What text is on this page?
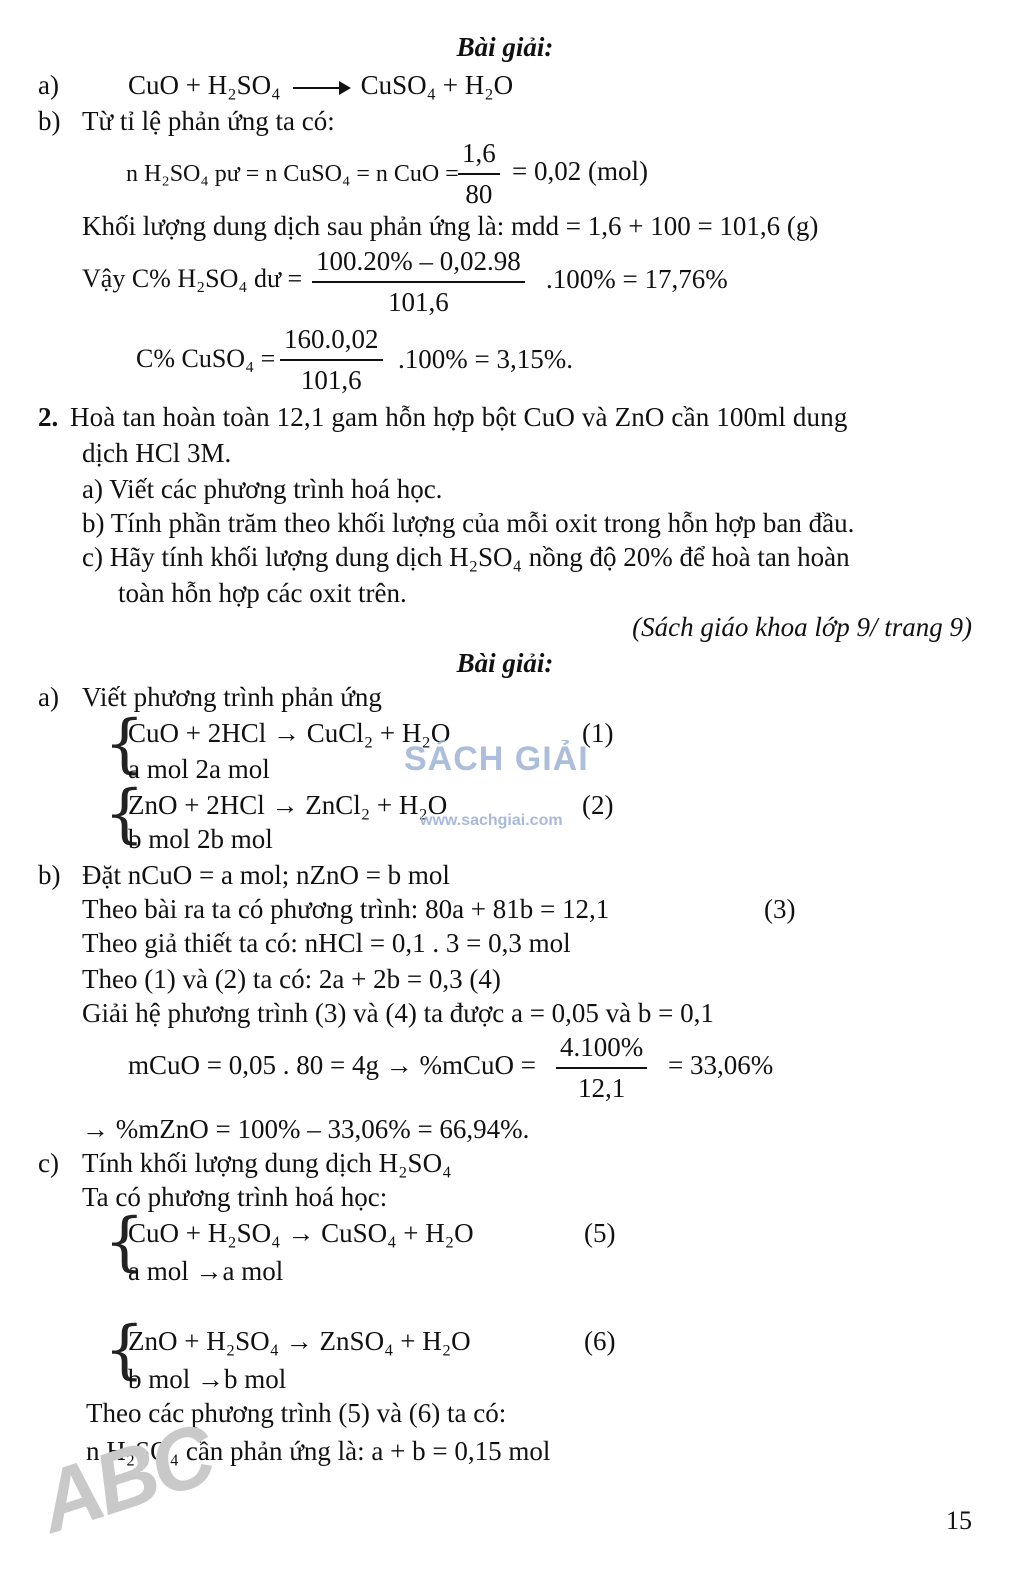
Bài giải:
a)	CuO + H₂SO₄	CuSO₄ + H₂O
b) Từ tỉ lệ phản ứng ta có:
n H₂SO₄ pư = n CuSO₄ = n CuO = $\frac{1,6}{80} = 0,02$ (mol)
Khối lượng dung dịch sau phản ứng là: mdd = 1,6 + 100 = 101,6 (g)
Vậy C% H₂SO₄ dư = $\frac{100.20\% - 0,02.98}{101,6} .100\% = 17,76\%$
C% CuSO₄ = $\frac{160.0,02}{101,6} .100\% = 3,15\%$.
2. Hoà tan hoàn toàn 12,1 gam hỗn hợp bột CuO và ZnO cần 100ml dung
dịch HCl 3M.
a) Viết các phương trình hoá học.
b) Tính phần trăm theo khối lượng của mỗi oxit trong hỗn hợp ban đầu.
c) Hãy tính khối lượng dung dịch H₂SO₄ nồng độ 20% để hoà tan hoàn
toàn hỗn hợp các oxit trên.
(Sách giáo khoa lớp 9/ trang 9)
Bài giải:
a) Viết phương trình phản ứng
{
CuO + 2HCl → CuCl₂ + H₂O	(1)
a mol 2a mol
{
ZnO + 2HCl → ZnCl₂ + H₂O	(2)
b mol 2b mol
SÁCH GIẢI
www.sachgiai.com
b) Đặt nCuO = a mol; nZnO = b mol
Theo bài ra ta có phương trình: 80a + 81b = 12,1	(3)
Theo giả thiết ta có: nHCl = 0,1 . 3 = 0,3 mol
Theo (1) và (2) ta có: 2a + 2b = 0,3 (4)
Giải hệ phương trình (3) và (4) ta được a = 0,05 và b = 0,1
mCuO = 0,05 . 80 = 4g → %mCuO = $\frac{4.100\%}{12,1} = 33,06\%$
→ %mZnO = 100% – 33,06% = 66,94%.
c) Tính khối lượng dung dịch H₂SO₄
Ta có phương trình hoá học:
{
CuO + H₂SO₄ → CuSO₄ + H₂O	(5)
a mol →a mol
{
ZnO + H₂SO₄ → ZnSO₄ + H₂O	(6)
b mol →b mol
Theo các phương trình (5) và (6) ta có:
n H₂SO₄ cần phản ứng là: a + b = 0,15 mol
ABC	15
